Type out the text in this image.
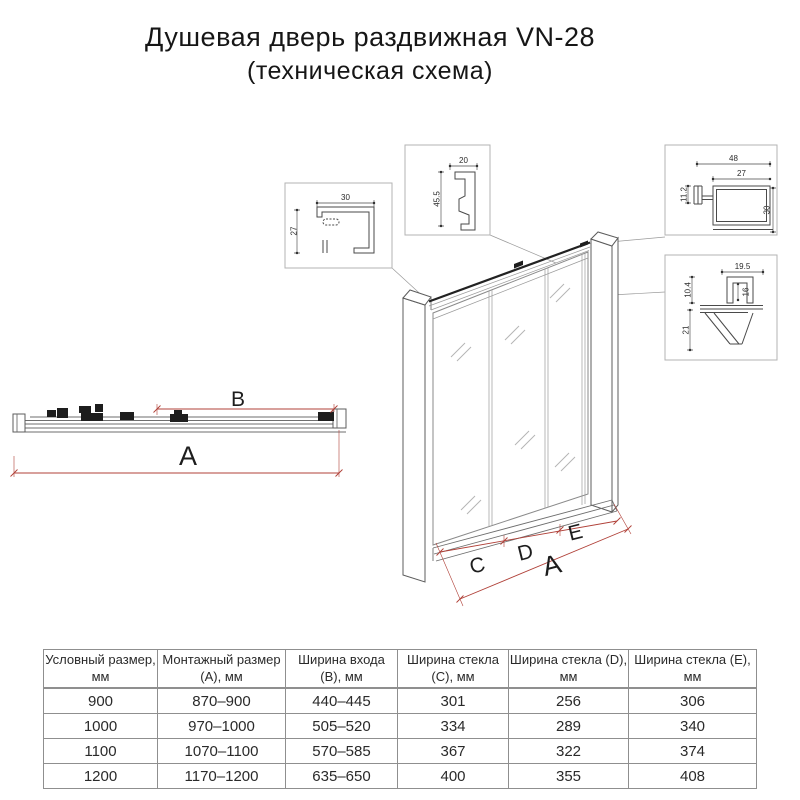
Душевая дверь раздвижная VN-28
(техническая схема)
C
D
E
A
B
A
30
27
20
45.5
48
27
11.2
30
19.5
10.4	16
21
Условный размер, мм	Монтажный размер (A), мм	Ширина входа (B), мм	Ширина стекла (C), мм	Ширина стекла (D), мм	Ширина стекла (E), мм
900	870–900	440–445	301	256	306
1000	970–1000	505–520	334	289	340
1100	1070–1100	570–585	367	322	374
1200	1170–1200	635–650	400	355	408
